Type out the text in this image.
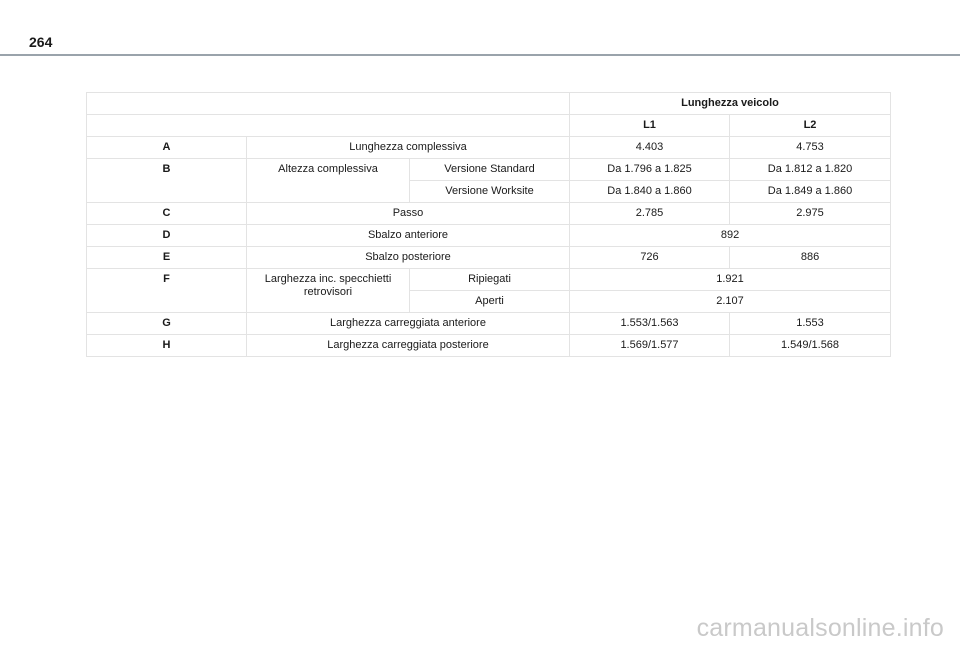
264
			Lunghezza veicolo	
			L1	L2
A	Lunghezza complessiva		4.403	4.753
B	Altezza complessiva	Versione Standard	Da 1.796 a 1.825	Da 1.812 a 1.820
		Versione Worksite	Da 1.840 a 1.860	Da 1.849 a 1.860
C	Passo		2.785	2.975
D	Sbalzo anteriore		892	
E	Sbalzo posteriore		726	886
F	Larghezza inc. specchietti retrovisori	Ripiegati	1.921	
		Aperti	2.107	
G	Larghezza carreggiata anteriore		1.553/1.563	1.553
H	Larghezza carreggiata posteriore		1.569/1.577	1.549/1.568
carmanualsonline.info
